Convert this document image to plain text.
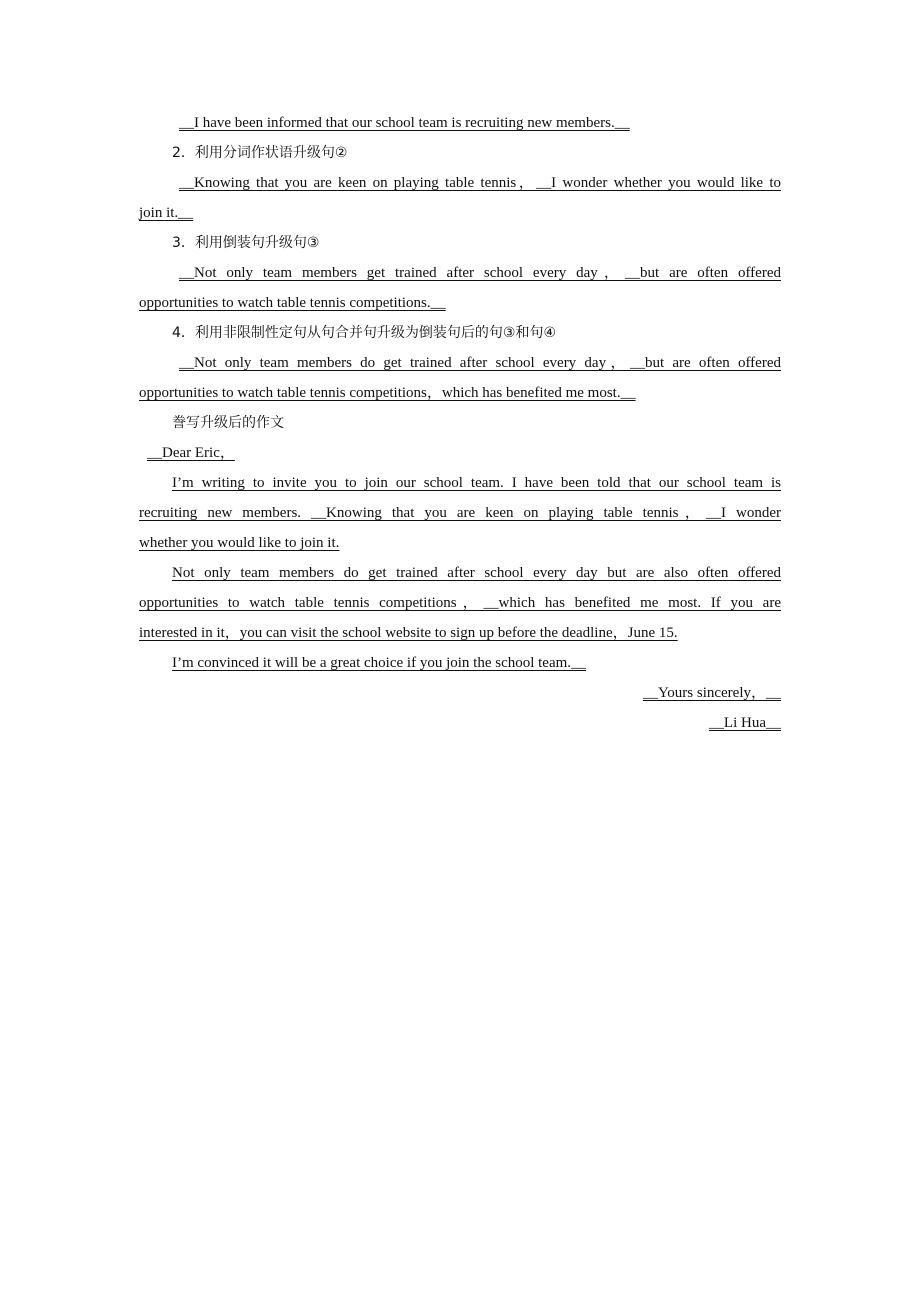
__I have been informed that our school team is recruiting new members.__
2．利用分词作状语升级句②
__Knowing that you are keen on playing table tennis，__I wonder whether you would like to
join it.__
3．利用倒装句升级句③
__Not only team members get trained after school every day，__but are often offered
opportunities to watch table tennis competitions.__
4．利用非限制性定句从句合并句升级为倒装句后的句③和句④
__Not only team members do get trained after school every day，__but are often offered
opportunities to watch table tennis competitions，which has benefited me most.__
誊写升级后的作文
__Dear Eric，
I’m writing to invite you to join our school team. I have been told that our school team is
recruiting new members. __Knowing that you are keen on playing table tennis，__I wonder
whether you would like to join it.
Not only team members do get trained after school every day but are also often offered
opportunities to watch table tennis competitions，__which has benefited me most. If you are
interested in it，you can visit the school website to sign up before the deadline，June 15.
I’m convinced it will be a great choice if you join the school team.__
__Yours sincerely，__
__Li Hua__
